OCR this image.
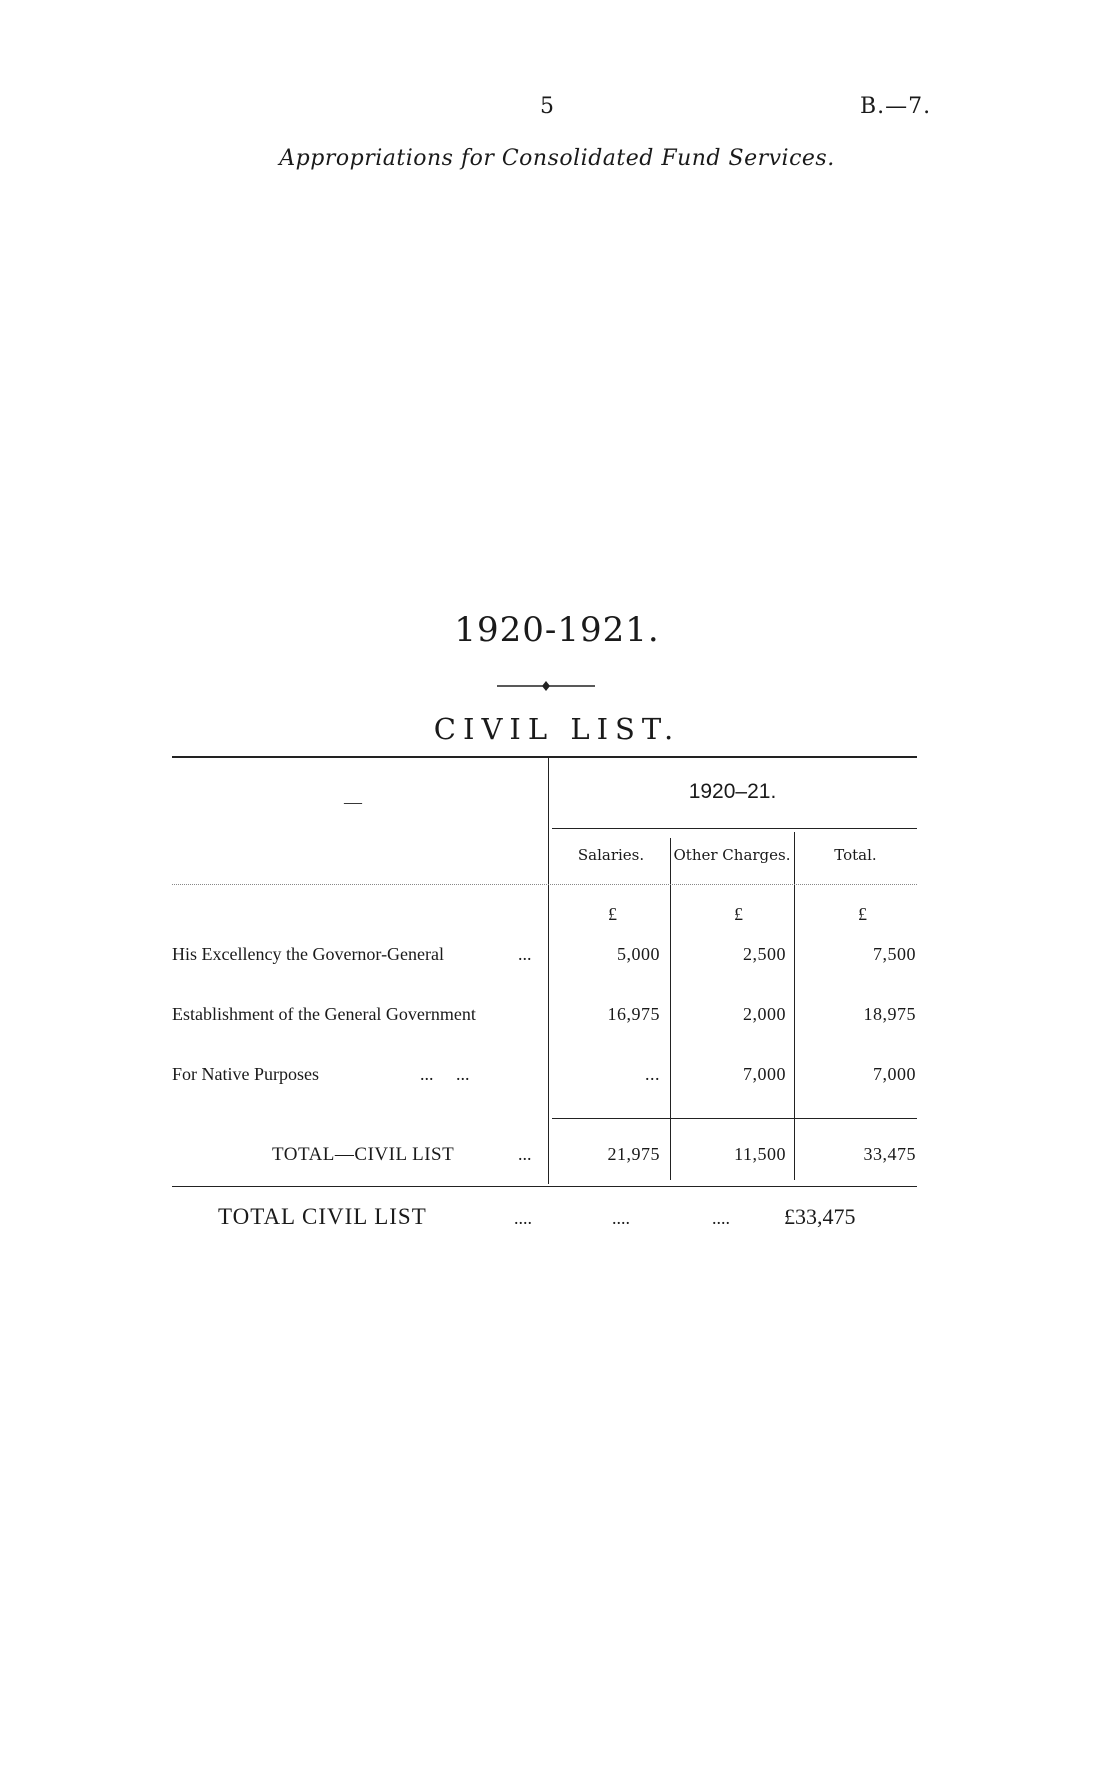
5	B.—7.
Appropriations for Consolidated Fund Services.
1920-1921.
CIVIL LIST.
—	1920–21.
Salaries.	Other Charges.	Total.
£	£	£
His Excellency the Governor-General	...	5,000	2,500	7,500
Establishment of the General Government	16,975	2,000	18,975
For Native Purposes	...     ...	...	7,000	7,000
TOTAL—CIVIL LIST	...	21,975	11,500	33,475
TOTAL CIVIL LIST	....	....	.... £33,475
